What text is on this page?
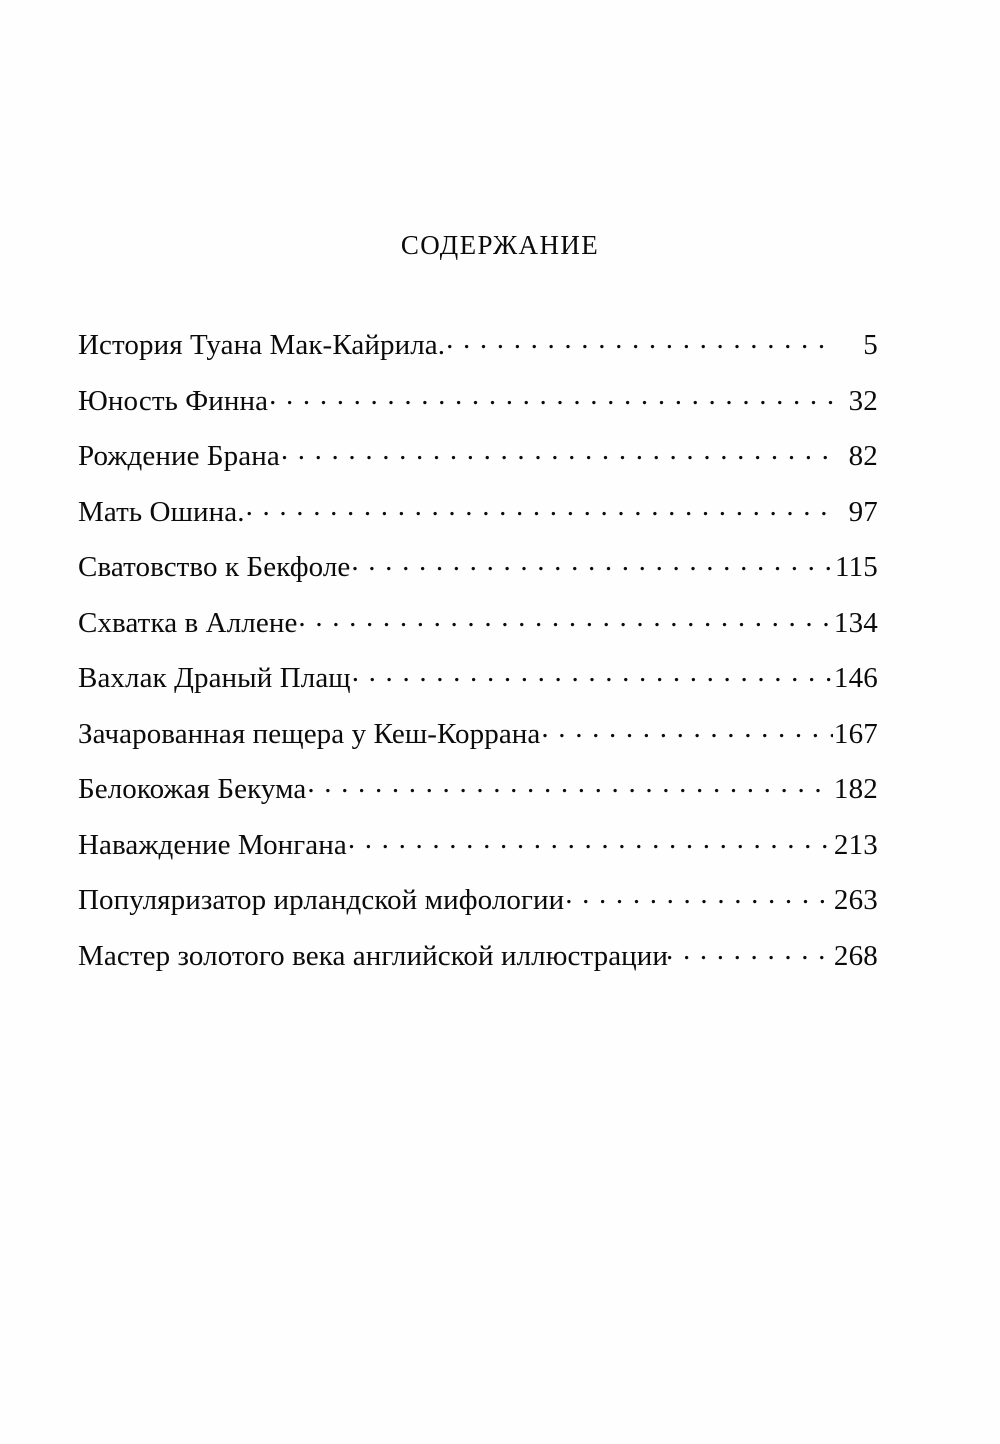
СОДЕРЖАНИЕ
История Туана Мак-Кайрила. . . .	5
Юность Финна . . .	32
Рождение Брана . . .	82
Мать Ошина. . . .	97
Сватовство к Бекфоле . . .	115
Схватка в Аллене . . .	134
Вахлак Драный Плащ . . .	146
Зачарованная пещера у Кеш-Коррана . . .	167
Белокожая Бекума . . .	182
Наваждение Монгана . . .	213
Популяризатор ирландской мифологии . . .	263
Мастер золотого века английской иллюстрации . . .	268
